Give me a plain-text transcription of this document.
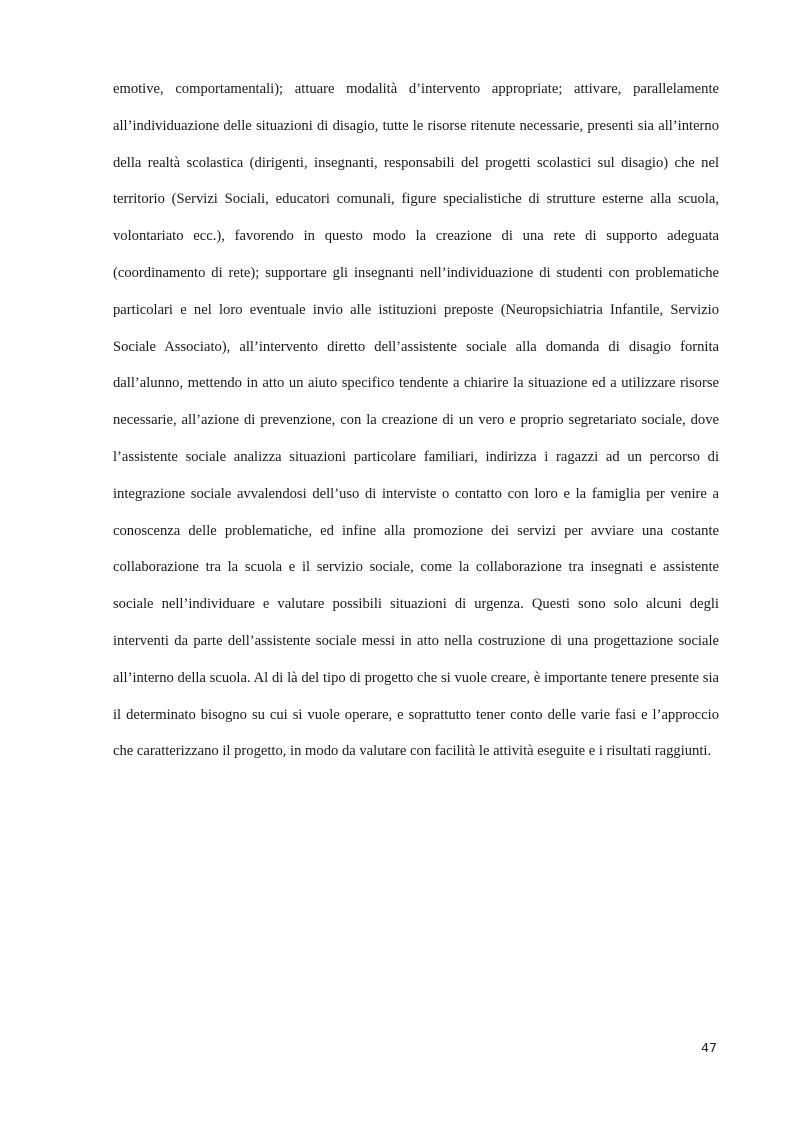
emotive, comportamentali); attuare modalità d’intervento appropriate; attivare, parallelamente all’individuazione delle situazioni di disagio, tutte le risorse ritenute necessarie, presenti sia all’interno della realtà scolastica (dirigenti, insegnanti, responsabili del progetti scolastici sul disagio) che nel territorio (Servizi Sociali, educatori comunali, figure specialistiche di strutture esterne alla scuola, volontariato ecc.), favorendo in questo modo la creazione di una rete di supporto adeguata (coordinamento di rete); supportare gli insegnanti nell’individuazione di studenti con problematiche particolari e nel loro eventuale invio alle istituzioni preposte (Neuropsichiatria Infantile, Servizio Sociale Associato), all’intervento diretto dell’assistente sociale alla domanda di disagio fornita dall’alunno, mettendo in atto un aiuto specifico tendente a chiarire la situazione ed a utilizzare risorse necessarie, all’azione di prevenzione, con la creazione di un vero e proprio segretariato sociale, dove l’assistente sociale analizza situazioni particolare familiari, indirizza i ragazzi ad un percorso di integrazione sociale avvalendosi dell’uso di interviste o contatto con loro e la famiglia per venire a conoscenza delle problematiche, ed infine alla promozione dei servizi per avviare una costante collaborazione tra la scuola e il servizio sociale, come la collaborazione tra insegnati e assistente sociale nell’individuare e valutare possibili situazioni di urgenza. Questi sono solo alcuni degli interventi da parte dell’assistente sociale messi in atto nella costruzione di una progettazione sociale all’interno della scuola. Al di là del tipo di progetto che si vuole creare, è importante tenere presente sia il determinato bisogno su cui si vuole operare, e soprattutto tener conto delle varie fasi e l’approccio che caratterizzano il progetto, in modo da valutare con facilità le attività eseguite e i risultati raggiunti.

47
